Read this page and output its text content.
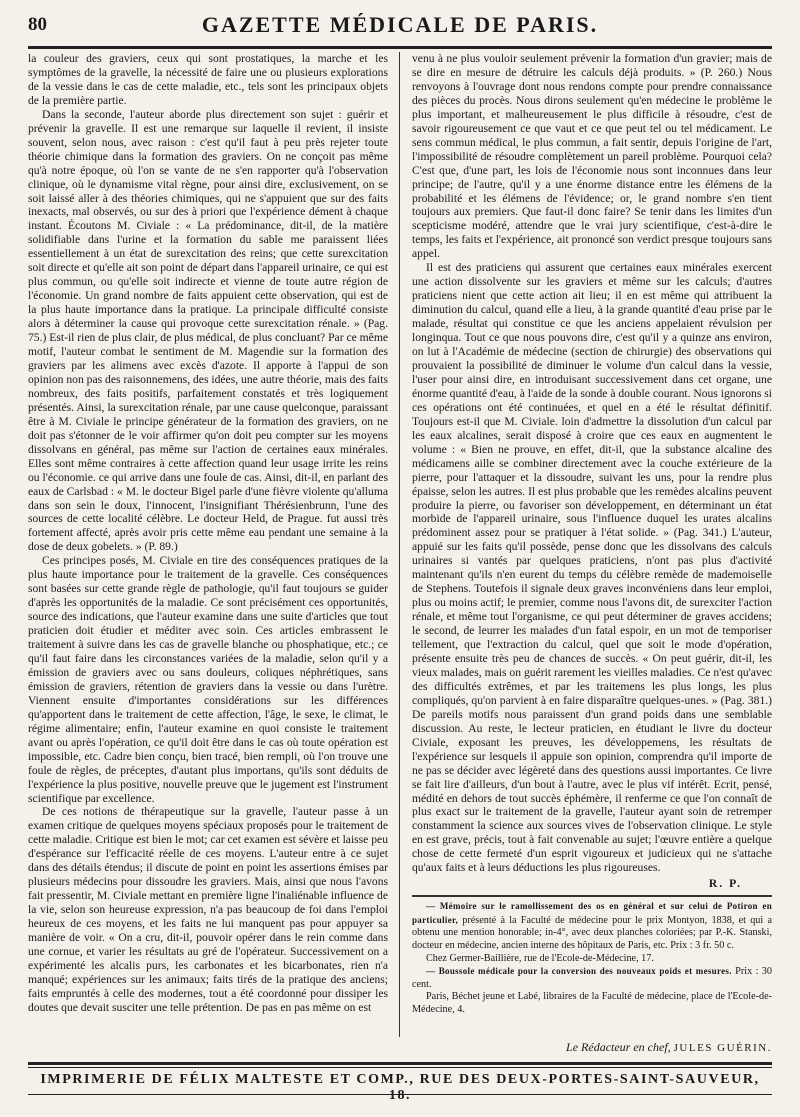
80	GAZETTE MÉDICALE DE PARIS.

la couleur des graviers, ceux qui sont prostatiques, la marche et les symptômes de la gravelle, la nécessité de faire une ou plusieurs explorations de la vessie dans le cas de cette maladie, etc., tels sont les principaux objets de la première partie.

Dans la seconde, l'auteur aborde plus directement son sujet : guérir et prévenir la gravelle. Il est une remarque sur laquelle il revient, il insiste souvent, selon nous, avec raison : c'est qu'il faut à peu près rejeter toute théorie chimique dans la formation des graviers. On ne conçoit pas même qu'à notre époque, où l'on se vante de ne s'en rapporter qu'à l'observation clinique, où le dynamisme vital règne, pour ainsi dire, exclusivement, on se soit laissé aller à des théories chimiques, qui ne s'appuient que sur des faits inexacts, mal observés, ou sur des à priori que l'expérience dément à chaque instant. Écoutons M. Civiale : « La prédominance, dit-il, de la matière solidifiable dans l'urine et la formation du sable me paraissent liées essentiellement à un état de surexcitation des reins; que cette surexcitation soit directe et qu'elle ait son point de départ dans l'appareil urinaire, ce qui est plus commun, ou qu'elle soit indirecte et vienne de toute autre région de l'économie. Un grand nombre de faits appuient cette observation, qui est de la plus haute importance dans la pratique. La principale difficulté consiste alors à déterminer la cause qui provoque cette surexcitation rénale. » (Pag. 75.) Est-il rien de plus clair, de plus médical, de plus concluant? Par ce même motif, l'auteur combat le sentiment de M. Magendie sur la formation des graviers par les alimens avec excès d'azote. Il apporte à l'appui de son opinion non pas des raisonnemens, des idées, une autre théorie, mais des faits nombreux, des faits positifs, parfaitement constatés et très logiquement présentés. Ainsi, la surexcitation rénale, par une cause quelconque, paraissant être à M. Civiale le principe générateur de la formation des graviers, on ne doit pas s'étonner de le voir affirmer qu'on doit peu compter sur les moyens dissolvans en général, pas même sur l'action de certaines eaux minérales. Elles sont même contraires à cette affection quand leur usage irrite les reins ou l'économie. ce qui arrive dans une foule de cas. Ainsi, dit-il, en parlant des eaux de Carlsbad : « M. le docteur Bigel parle d'une fièvre violente qu'alluma dans son sein le doux, l'innocent, l'insignifiant Thérésienbrunn, l'une des sources de cette localité célèbre. Le docteur Held, de Prague. fut aussi très fortement affecté, après avoir pris cette même eau pendant une semaine à la dose de deux gobelets. » (P. 89.)

Ces principes posés, M. Civiale en tire des conséquences pratiques de la plus haute importance pour le traitement de la gravelle. Ces conséquences sont basées sur cette grande règle de pathologie, qu'il faut toujours se guider d'après les opportunités de la maladie. Ce sont précisément ces opportunités, source des indications, que l'auteur examine dans une suite d'articles que tout praticien doit étudier et méditer avec soin. Ces articles embrassent le traitement à suivre dans les cas de gravelle blanche ou phosphatique, etc.; ce qu'il faut faire dans les circonstances variées de la maladie, selon qu'il y a émission de graviers avec ou sans douleurs, coliques néphrétiques, sans émission de graviers, rétention de graviers dans la vessie ou dans l'urètre. Viennent ensuite d'importantes considérations sur les différences qu'apportent dans le traitement de cette affection, l'âge, le sexe, le climat, le régime alimentaire; enfin, l'auteur examine en quoi consiste le traitement avant ou après l'opération, ce qu'il doit être dans le cas où toute opération est impossible, etc. Cadre bien conçu, bien tracé, bien rempli, où l'on trouve une foule de règles, de préceptes, d'autant plus importans, qu'ils sont déduits de l'expérience la plus positive, nouvelle preuve que le jugement est l'instrument scientifique par excellence.

De ces notions de thérapeutique sur la gravelle, l'auteur passe à un examen critique de quelques moyens spéciaux proposés pour le traitement de cette maladie. Critique est bien le mot; car cet examen est sévère et laisse peu d'espérance sur l'efficacité réelle de ces moyens. L'auteur entre à ce sujet dans des détails étendus; il discute de point en point les assertions émises par plusieurs médecins pour dissoudre les graviers. Mais, ainsi que nous l'avons fait pressentir, M. Civiale mettant en première ligne l'inaliénable influence de la vie, selon son heureuse expression, n'a pas beaucoup de foi dans l'emploi heureux de ces moyens, et les faits ne lui manquent pas pour appuyer sa manière de voir. « On a cru, dit-il, pouvoir opérer dans le rein comme dans une cornue, et varier les résultats au gré de l'opérateur. Successivement on a expérimenté les alcalis purs, les carbonates et les bicarbonates, rien n'a manqué; expériences sur les animaux; faits tirés de la pratique des anciens; faits empruntés à celle des modernes, tout a été coordonné pour dissiper les doutes que devait susciter une telle prétention. De pas en pas même on est

venu à ne plus vouloir seulement prévenir la formation d'un gravier; mais de se dire en mesure de détruire les calculs déjà produits. » (P. 260.) Nous renvoyons à l'ouvrage dont nous rendons compte pour prendre connaissance des pièces du procès. Nous dirons seulement qu'en médecine le problème le plus important, et malheureusement le plus difficile à résoudre, c'est de savoir rigoureusement ce que vaut et ce que peut tel ou tel médicament. Le sens commun médical, le plus commun, a fait sentir, depuis l'origine de l'art, l'impossibilité de résoudre complètement un pareil problème. Pourquoi cela? C'est que, d'une part, les lois de l'économie nous sont inconnues dans leur principe; de l'autre, qu'il y a une énorme distance entre les élémens de la probabilité et les élémens de l'évidence; or, le grand nombre s'en tient toujours aux premiers. Que faut-il donc faire? Se tenir dans les limites d'un scepticisme modéré, attendre que le vrai jury scientifique, c'est-à-dire le temps, les faits et l'expérience, ait prononcé son verdict presque toujours sans appel.

Il est des praticiens qui assurent que certaines eaux minérales exercent une action dissolvente sur les graviers et même sur les calculs; d'autres praticiens nient que cette action ait lieu; il en est même qui attribuent la diminution du calcul, quand elle a lieu, à la grande quantité d'eau prise par le malade, résultat qui constitue ce que les anciens appelaient révulsion per longinqua. Tout ce que nous pouvons dire, c'est qu'il y a quinze ans environ, on lut à l'Académie de médecine (section de chirurgie) des observations qui prouvaient la possibilité de diminuer le volume d'un calcul dans la vessie, l'user pour ainsi dire, en introduisant successivement dans cet organe, une énorme quantité d'eau, à l'aide de la sonde à double courant. Nous ignorons si ces opérations ont été continuées, et quel en a été le résultat définitif. Toujours est-il que M. Civiale. loin d'admettre la dissolution d'un calcul par les eaux alcalines, serait disposé à croire que ces eaux en augmentent le volume : « Bien ne prouve, en effet, dit-il, que la substance alcaline des médicamens aille se combiner directement avec la couche extérieure de la pierre, pour l'attaquer et la dissoudre, suivant les uns, pour la rendre plus épaisse, selon les autres. Il est plus probable que les remèdes alcalins peuvent produire la pierre, ou favoriser son développement, en déterminant un état morbide de l'appareil urinaire, sous l'influence duquel les urates alcalins prédominent assez pour se pratiquer à l'état solide. » (Pag. 341.) L'auteur, appuié sur les faits qu'il possède, pense donc que les dissolvans des calculs urinaires si vantés par quelques praticiens, n'ont pas plus d'activité maintenant qu'ils n'en eurent du temps du célèbre remède de mademoiselle de Stephens. Toutefois il signale deux graves inconvéniens dans leur emploi, plus ou moins actif; le premier, comme nous l'avons dit, de surexciter l'action rénale, et même tout l'organisme, ce qui peut déterminer de graves accidens; le second, de leurrer les malades d'un fatal espoir, en un mot de temporiser tellement, que l'extraction du calcul, quel que soit le mode d'opération, présente ensuite très peu de chances de succès. « On peut guérir, dit-il, les vieux malades, mais on guérit rarement les vieilles maladies. Ce n'est qu'avec des difficultés extrêmes, et par les traitemens les plus longs, les plus compliqués, qu'on parvient à en faire disparaître quelques-unes. » (Pag. 381.) De pareils motifs nous paraissent d'un grand poids dans une semblable discussion. Au reste, le lecteur praticien, en étudiant le livre du docteur Civiale, exposant les preuves, les développemens, les résultats de l'expérience sur lesquels il appuie son opinion, comprendra qu'il importe de ne pas se décider avec légèreté dans des questions aussi importantes. Ce livre se fait lire d'ailleurs, d'un bout à l'autre, avec le plus vif intérêt. Ecrit, pensé, médité en dehors de tout succès éphémère, il renferme ce que l'on connaît de plus exact sur le traitement de la gravelle, l'auteur ayant soin de retremper constamment la science aux sources vives de l'observation clinique. Le style en est grave, précis, tout à fait convenable au sujet; l'œuvre entière a quelque chose de cette fermeté d'un esprit vigoureux et judicieux qui ne s'attache qu'aux faits et à leurs déductions les plus rigoureuses.

R. P.

— Mémoire sur le ramollissement des os en général et sur celui de Potiron en particulier, présenté à la Faculté de médecine pour le prix Montyon, 1838, et qui a obtenu une mention honorable; in-4°, avec deux planches coloriées; par P.-K. Stanski, docteur en médecine, ancien interne des hôpitaux de Paris, etc. Prix : 3 fr. 50 c.

Chez Germer-Baillière, rue de l'Ecole-de-Médecine, 17.

— Boussole médicale pour la conversion des nouveaux poids et mesures. Prix : 30 cent.

Paris, Béchet jeune et Labé, libraires de la Faculté de médecine, place de l'Ecole-de-Médecine, 4.

Le Rédacteur en chef, JULES GUÉRIN.
IMPRIMERIE DE FÉLIX MALTESTE ET COMP., RUE DES DEUX-PORTES-SAINT-SAUVEUR, 18.
